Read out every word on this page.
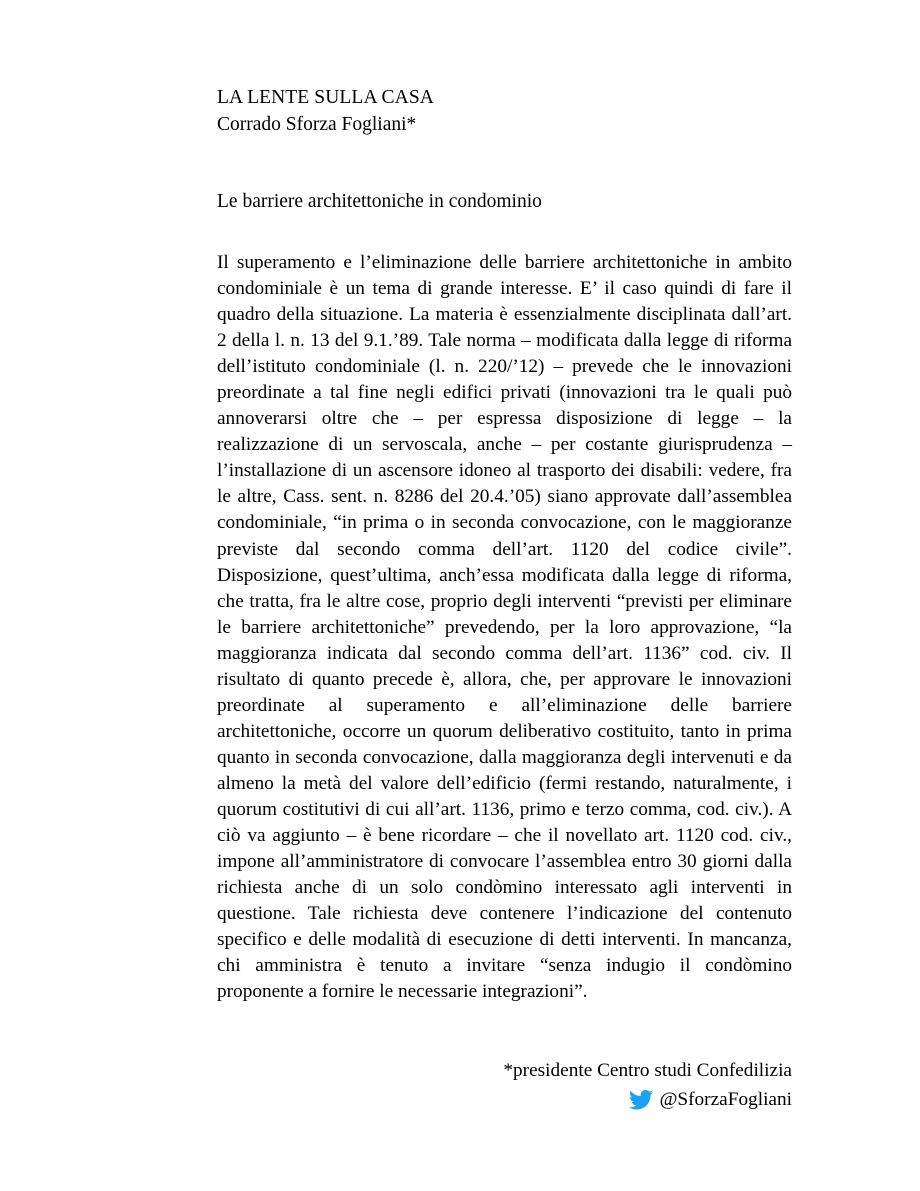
LA LENTE SULLA CASA
Corrado Sforza Fogliani*
Le barriere architettoniche in condominio
Il superamento e l’eliminazione delle barriere architettoniche in ambito condominiale è un tema di grande interesse. E’ il caso quindi di fare il quadro della situazione. La materia è essenzialmente disciplinata dall’art. 2 della l. n. 13 del 9.1.’89. Tale norma – modificata dalla legge di riforma dell’istituto condominiale (l. n. 220/’12) – prevede che le innovazioni preordinate a tal fine negli edifici privati (innovazioni tra le quali può annoverarsi oltre che – per espressa disposizione di legge – la realizzazione di un servoscala, anche – per costante giurisprudenza – l’installazione di un ascensore idoneo al trasporto dei disabili: vedere, fra le altre, Cass. sent. n. 8286 del 20.4.’05) siano approvate dall’assemblea condominiale, “in prima o in seconda convocazione, con le maggioranze previste dal secondo comma dell’art. 1120 del codice civile”. Disposizione, quest’ultima, anch’essa modificata dalla legge di riforma, che tratta, fra le altre cose, proprio degli interventi “previsti per eliminare le barriere architettoniche” prevedendo, per la loro approvazione, “la maggioranza indicata dal secondo comma dell’art. 1136” cod. civ. Il risultato di quanto precede è, allora, che, per approvare le innovazioni preordinate al superamento e all’eliminazione delle barriere architettoniche, occorre un quorum deliberativo costituito, tanto in prima quanto in seconda convocazione, dalla maggioranza degli intervenuti e da almeno la metà del valore dell’edificio (fermi restando, naturalmente, i quorum costitutivi di cui all’art. 1136, primo e terzo comma, cod. civ.). A ciò va aggiunto – è bene ricordare – che il novellato art. 1120 cod. civ., impone all’amministratore di convocare l’assemblea entro 30 giorni dalla richiesta anche di un solo condòmino interessato agli interventi in questione. Tale richiesta deve contenere l’indicazione del contenuto specifico e delle modalità di esecuzione di detti interventi. In mancanza, chi amministra è tenuto a invitare “senza indugio il condòmino proponente a fornire le necessarie integrazioni”.
*presidente Centro studi Confedilizia
@SforzaFogliani
